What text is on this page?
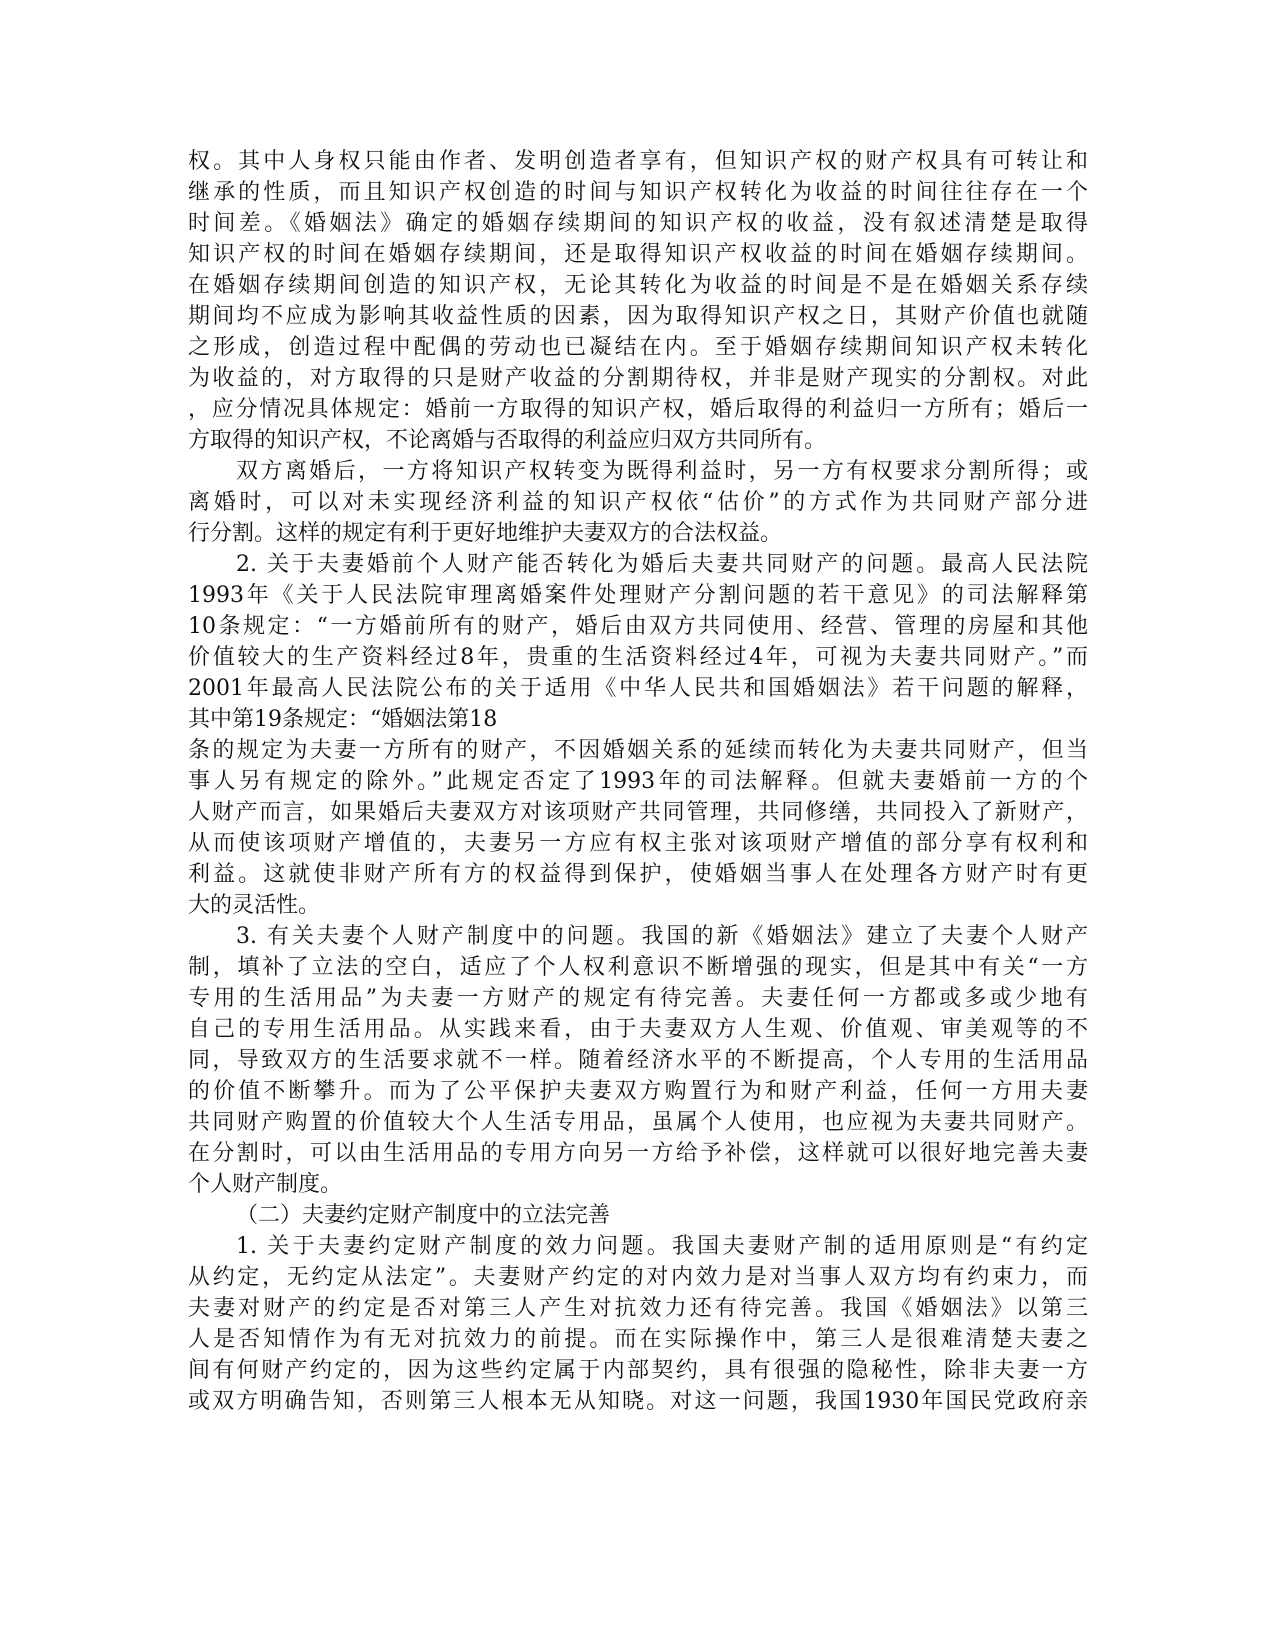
权。其中人身权只能由作者、发明创造者享有，但知识产权的财产权具有可转让和
继承的性质，而且知识产权创造的时间与知识产权转化为收益的时间往往存在一个
时间差。《婚姻法》确定的婚姻存续期间的知识产权的收益，没有叙述清楚是取得
知识产权的时间在婚姻存续期间，还是取得知识产权收益的时间在婚姻存续期间。
在婚姻存续期间创造的知识产权，无论其转化为收益的时间是不是在婚姻关系存续
期间均不应成为影响其收益性质的因素，因为取得知识产权之日，其财产价值也就随
之形成，创造过程中配偶的劳动也已凝结在内。至于婚姻存续期间知识产权未转化
为收益的，对方取得的只是财产收益的分割期待权，并非是财产现实的分割权。对此
，应分情况具体规定：婚前一方取得的知识产权，婚后取得的利益归一方所有；婚后一
方取得的知识产权，不论离婚与否取得的利益应归双方共同所有。
双方离婚后，一方将知识产权转变为既得利益时，另一方有权要求分割所得；或
离婚时，可以对未实现经济利益的知识产权依“估价”的方式作为共同财产部分进
行分割。这样的规定有利于更好地维护夫妻双方的合法权益。
2. 关于夫妻婚前个人财产能否转化为婚后夫妻共同财产的问题。最高人民法院
1993年《关于人民法院审理离婚案件处理财产分割问题的若干意见》的司法解释第
10条规定：“一方婚前所有的财产，婚后由双方共同使用、经营、管理的房屋和其他
价值较大的生产资料经过8年，贵重的生活资料经过4年，可视为夫妻共同财产。”而
2001年最高人民法院公布的关于适用《中华人民共和国婚姻法》若干问题的解释，
其中第19条规定：“婚姻法第18
条的规定为夫妻一方所有的财产，不因婚姻关系的延续而转化为夫妻共同财产，但当
事人另有规定的除外。”此规定否定了1993年的司法解释。但就夫妻婚前一方的个
人财产而言，如果婚后夫妻双方对该项财产共同管理，共同修缮，共同投入了新财产，
从而使该项财产增值的，夫妻另一方应有权主张对该项财产增值的部分享有权利和
利益。这就使非财产所有方的权益得到保护，使婚姻当事人在处理各方财产时有更
大的灵活性。
3. 有关夫妻个人财产制度中的问题。我国的新《婚姻法》建立了夫妻个人财产
制，填补了立法的空白，适应了个人权利意识不断增强的现实，但是其中有关“一方
专用的生活用品”为夫妻一方财产的规定有待完善。夫妻任何一方都或多或少地有
自己的专用生活用品。从实践来看，由于夫妻双方人生观、价值观、审美观等的不
同，导致双方的生活要求就不一样。随着经济水平的不断提高，个人专用的生活用品
的价值不断攀升。而为了公平保护夫妻双方购置行为和财产利益，任何一方用夫妻
共同财产购置的价值较大个人生活专用品，虽属个人使用，也应视为夫妻共同财产。
在分割时，可以由生活用品的专用方向另一方给予补偿，这样就可以很好地完善夫妻
个人财产制度。
（二）夫妻约定财产制度中的立法完善
1. 关于夫妻约定财产制度的效力问题。我国夫妻财产制的适用原则是“有约定
从约定，无约定从法定”。夫妻财产约定的对内效力是对当事人双方均有约束力，而
夫妻对财产的约定是否对第三人产生对抗效力还有待完善。我国《婚姻法》以第三
人是否知情作为有无对抗效力的前提。而在实际操作中，第三人是很难清楚夫妻之
间有何财产约定的，因为这些约定属于内部契约，具有很强的隐秘性，除非夫妻一方
或双方明确告知，否则第三人根本无从知晓。对这一问题，我国1930年国民党政府亲
